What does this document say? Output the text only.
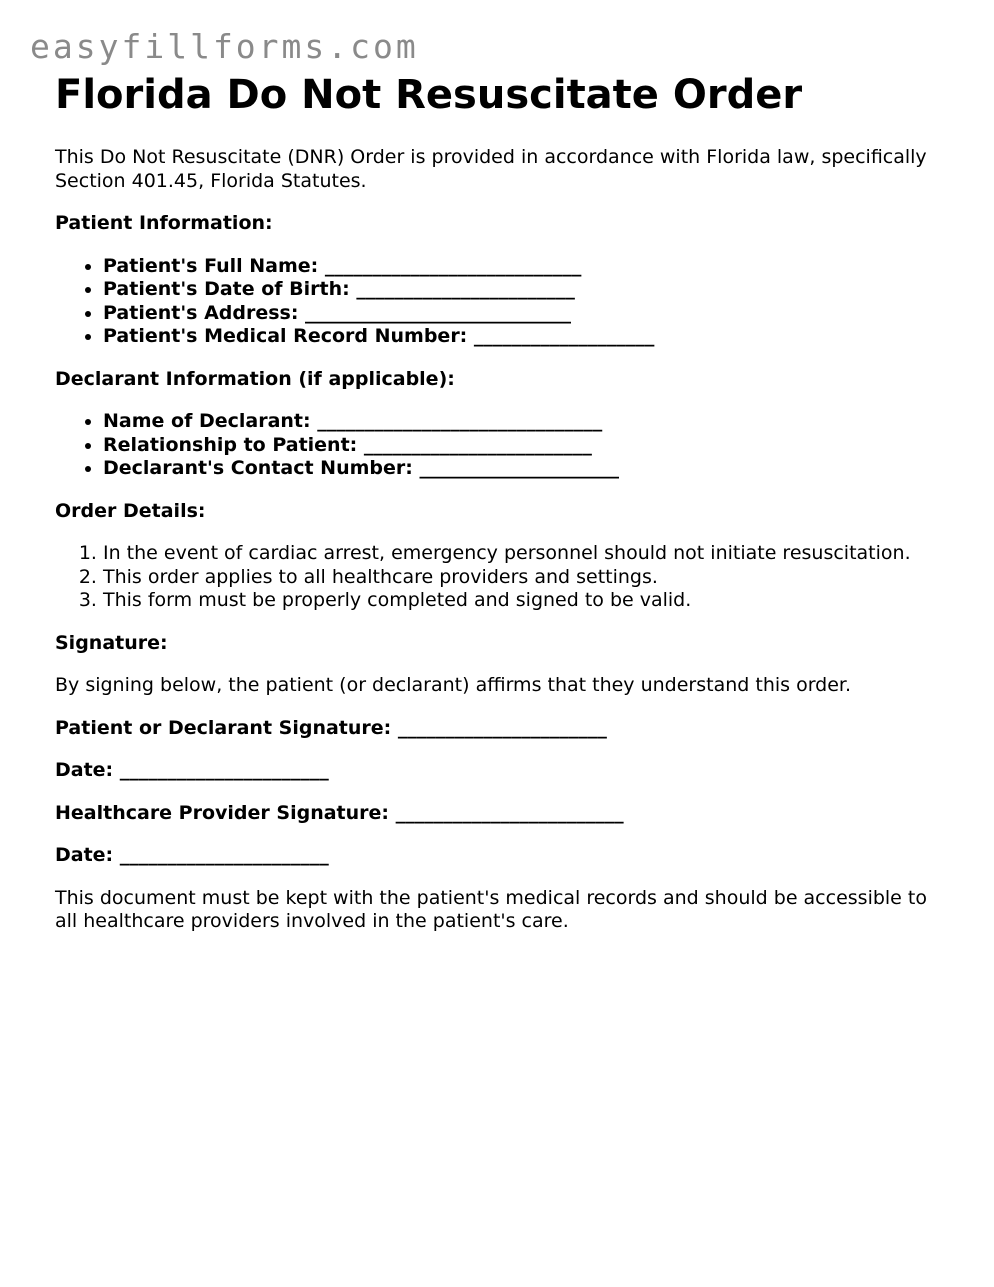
easyfillforms.com
Florida Do Not Resuscitate Order

This Do Not Resuscitate (DNR) Order is provided in accordance with Florida law, specifically Section 401.45, Florida Statutes.

Patient Information:

• Patient's Full Name: ___________________________
• Patient's Date of Birth: _______________________
• Patient's Address: ____________________________
• Patient's Medical Record Number: ___________________

Declarant Information (if applicable):

• Name of Declarant: ______________________________
• Relationship to Patient: ________________________
• Declarant's Contact Number: _____________________

Order Details:

1. In the event of cardiac arrest, emergency personnel should not initiate resuscitation.
2. This order applies to all healthcare providers and settings.
3. This form must be properly completed and signed to be valid.

Signature:

By signing below, the patient (or declarant) affirms that they understand this order.

Patient or Declarant Signature: ______________________

Date: ______________________

Healthcare Provider Signature: ________________________

Date: ______________________

This document must be kept with the patient's medical records and should be accessible to all healthcare providers involved in the patient's care.
